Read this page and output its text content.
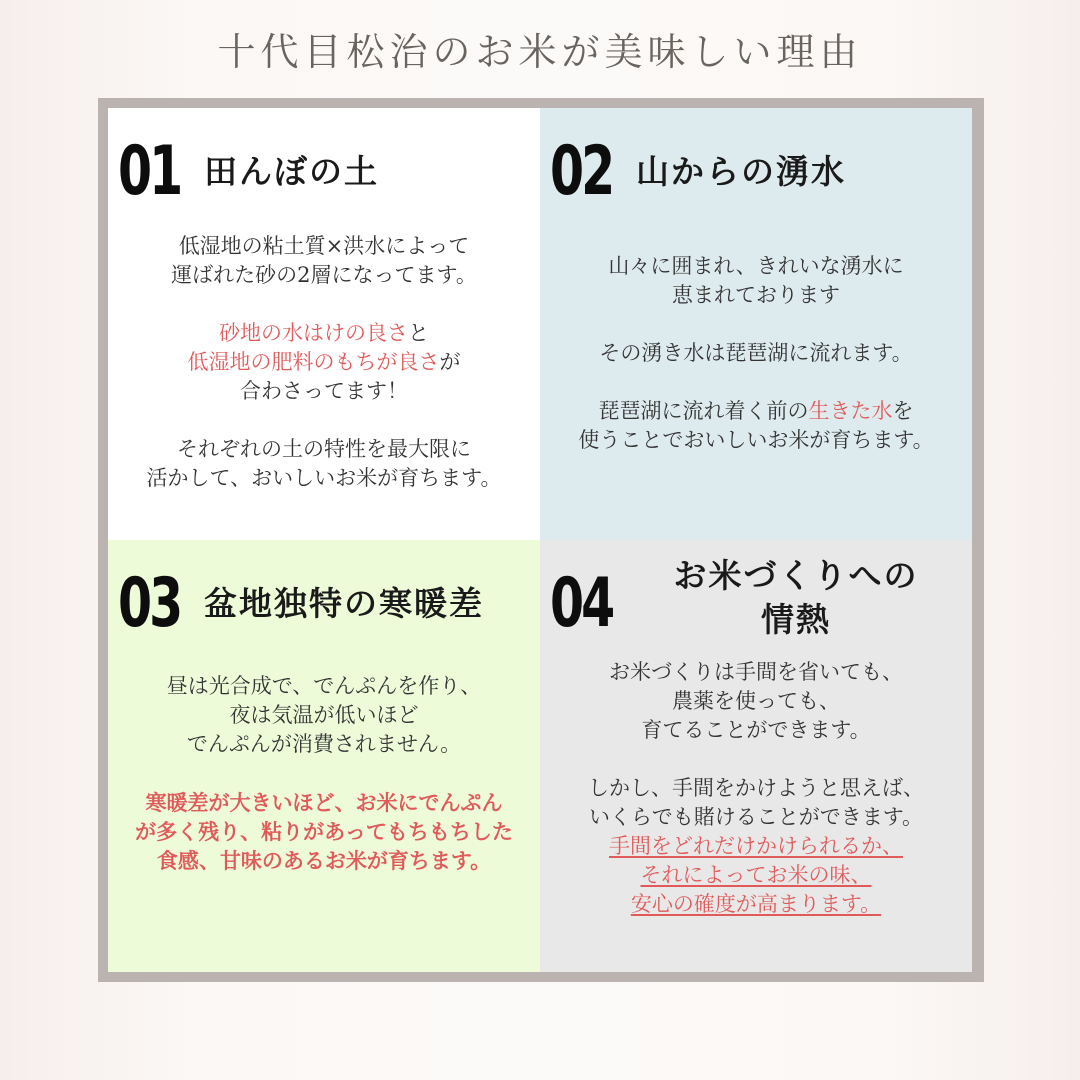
十代目松治のお米が美味しい理由
01 田んぼの土

低湿地の粘土質×洪水によって

運ばれた砂の2層になってます。

砂地の水はけの良さと

低湿地の肥料のもちが良さが

合わさってます！

それぞれの土の特性を最大限に

活かして、おいしいお米が育ちます。

02 山からの湧水

山々に囲まれ、きれいな湧水に

恵まれております

その湧き水は琵琶湖に流れます。

琵琶湖に流れ着く前の生きた水を

使うことでおいしいお米が育ちます。

03 盆地独特の寒暖差

昼は光合成で、でんぷんを作り、

夜は気温が低いほど

でんぷんが消費されません。

寒暖差が大きいほど、お米にでんぷん

が多く残り、粘りがあってもちもちした

食感、甘味のあるお米が育ちます。

04	お米づくりへの
情熱

お米づくりは手間を省いても、

農薬を使っても、

育てることができます。

しかし、手間をかけようと思えば、

いくらでも賭けることができます。

手間をどれだけかけられるか、

それによってお米の味、

安心の確度が高まります。
